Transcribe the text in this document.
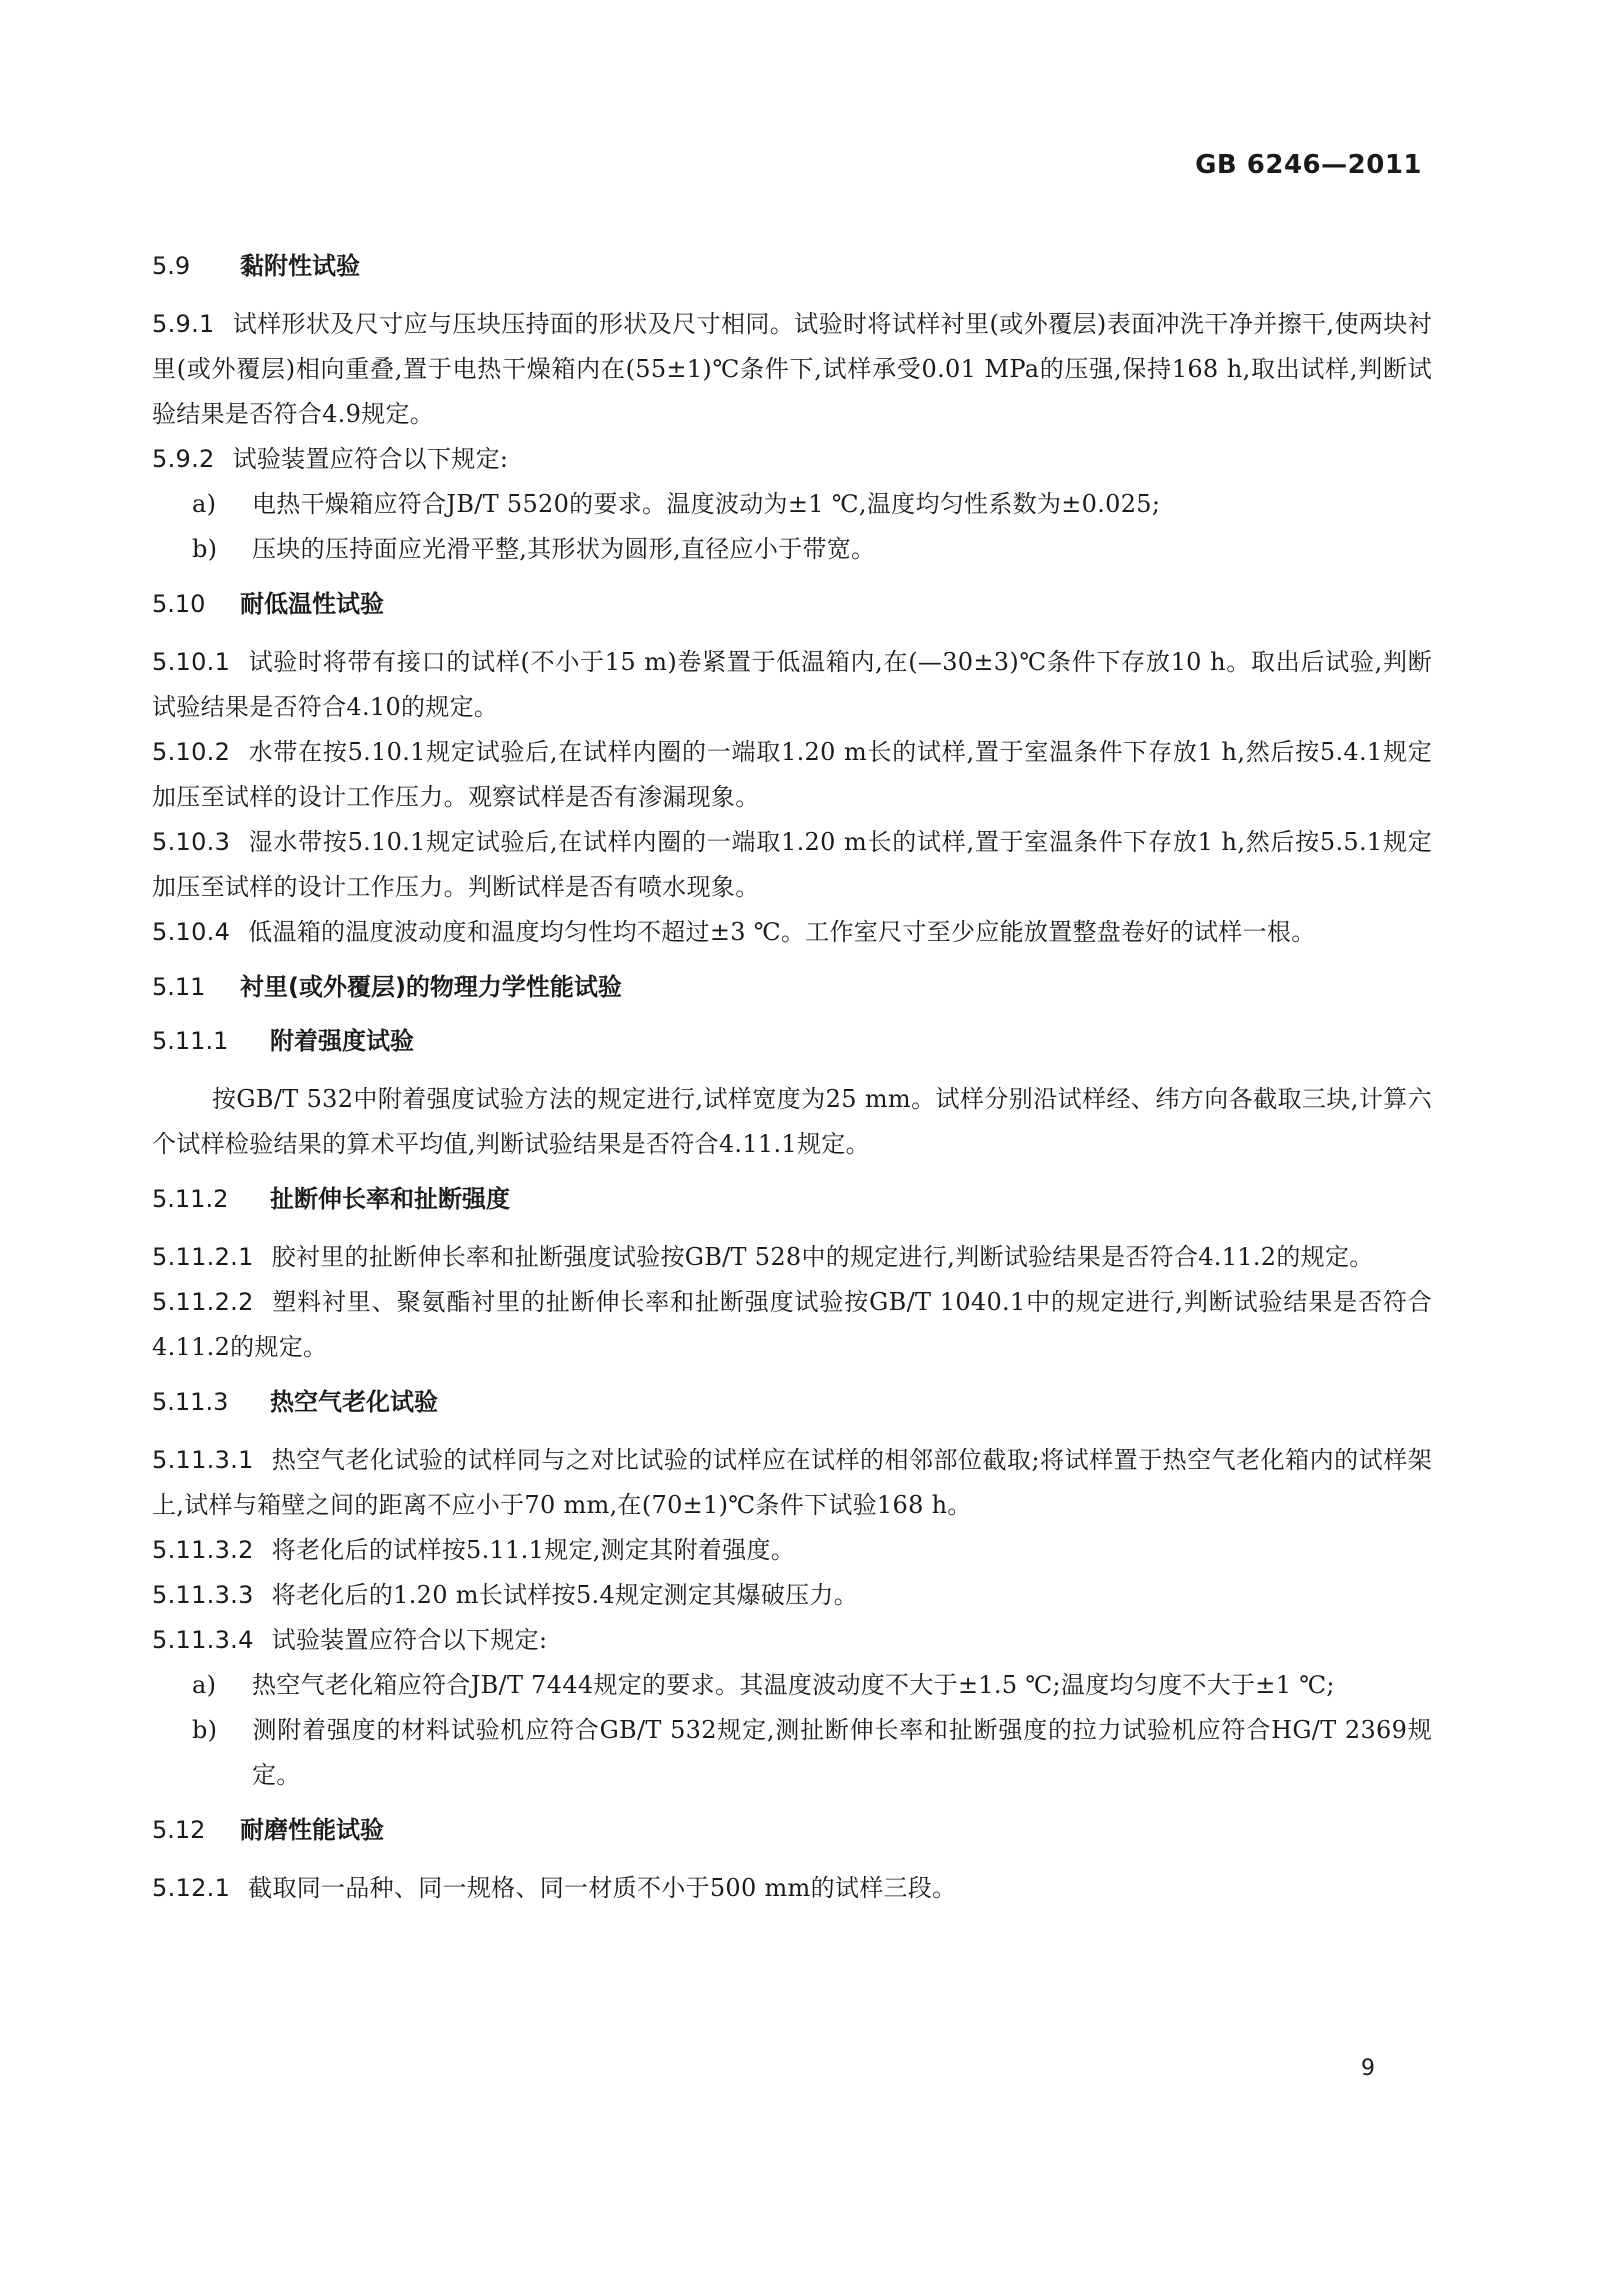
GB 6246—2011
5.9 黏附性试验

5.9.1 试样形状及尺寸应与压块压持面的形状及尺寸相同。试验时将试样衬里(或外覆层)表面冲洗干净并擦干,使两块衬里(或外覆层)相向重叠,置于电热干燥箱内在(55±1)℃条件下,试样承受0.01 MPa的压强,保持168 h,取出试样,判断试验结果是否符合4.9规定。

5.9.2 试验装置应符合以下规定:

a) 电热干燥箱应符合JB/T 5520的要求。温度波动为±1 ℃,温度均匀性系数为±0.025;

b) 压块的压持面应光滑平整,其形状为圆形,直径应小于带宽。

5.10 耐低温性试验

5.10.1 试验时将带有接口的试样(不小于15 m)卷紧置于低温箱内,在(—30±3)℃条件下存放10 h。取出后试验,判断试验结果是否符合4.10的规定。

5.10.2 水带在按5.10.1规定试验后,在试样内圈的一端取1.20 m长的试样,置于室温条件下存放1 h,然后按5.4.1规定加压至试样的设计工作压力。观察试样是否有渗漏现象。

5.10.3 湿水带按5.10.1规定试验后,在试样内圈的一端取1.20 m长的试样,置于室温条件下存放1 h,然后按5.5.1规定加压至试样的设计工作压力。判断试样是否有喷水现象。

5.10.4 低温箱的温度波动度和温度均匀性均不超过±3 ℃。工作室尺寸至少应能放置整盘卷好的试样一根。

5.11 衬里(或外覆层)的物理力学性能试验
5.11.1 附着强度试验

按GB/T 532中附着强度试验方法的规定进行,试样宽度为25 mm。试样分别沿试样经、纬方向各截取三块,计算六个试样检验结果的算术平均值,判断试验结果是否符合4.11.1规定。

5.11.2 扯断伸长率和扯断强度

5.11.2.1 胶衬里的扯断伸长率和扯断强度试验按GB/T 528中的规定进行,判断试验结果是否符合4.11.2的规定。

5.11.2.2 塑料衬里、聚氨酯衬里的扯断伸长率和扯断强度试验按GB/T 1040.1中的规定进行,判断试验结果是否符合4.11.2的规定。

5.11.3 热空气老化试验

5.11.3.1 热空气老化试验的试样同与之对比试验的试样应在试样的相邻部位截取;将试样置于热空气老化箱内的试样架上,试样与箱壁之间的距离不应小于70 mm,在(70±1)℃条件下试验168 h。

5.11.3.2 将老化后的试样按5.11.1规定,测定其附着强度。

5.11.3.3 将老化后的1.20 m长试样按5.4规定测定其爆破压力。

5.11.3.4 试验装置应符合以下规定:

a) 热空气老化箱应符合JB/T 7444规定的要求。其温度波动度不大于±1.5 ℃;温度均匀度不大于±1 ℃;

b) 测附着强度的材料试验机应符合GB/T 532规定,测扯断伸长率和扯断强度的拉力试验机应符合HG/T 2369规定。

5.12 耐磨性能试验

5.12.1 截取同一品种、同一规格、同一材质不小于500 mm的试样三段。

9
